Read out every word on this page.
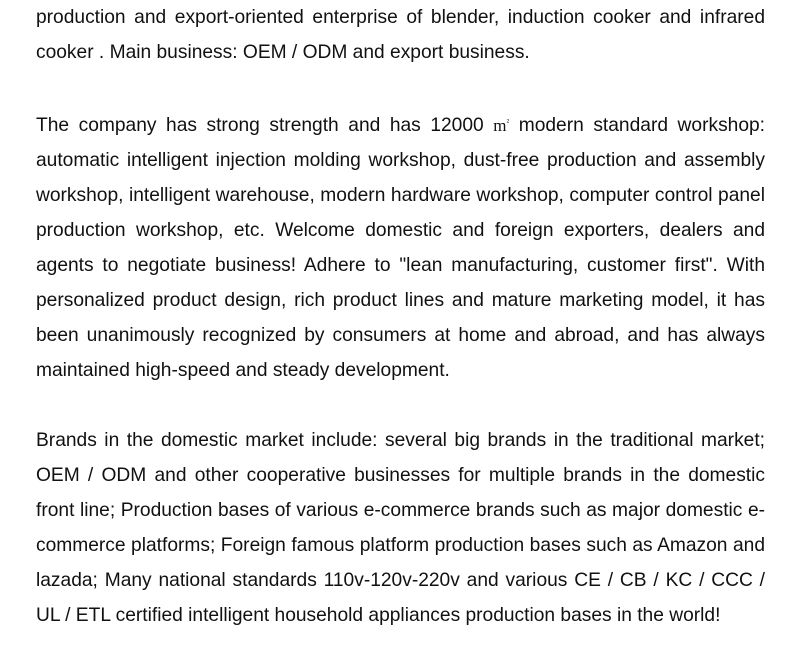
production and export-oriented enterprise of blender, induction cooker and infrared cooker . Main business: OEM / ODM and export business.

The company has strong strength and has 12000 $m^{^2}$ modern standard workshop: automatic intelligent injection molding workshop, dust-free production and assembly workshop, intelligent warehouse, modern hardware workshop, computer control panel production workshop, etc. Welcome domestic and foreign exporters, dealers and agents to negotiate business! Adhere to "lean manufacturing, customer first". With personalized product design, rich product lines and mature marketing model, it has been unanimously recognized by consumers at home and abroad, and has always maintained high-speed and steady development.

Brands in the domestic market include: several big brands in the traditional market; OEM / ODM and other cooperative businesses for multiple brands in the domestic front line; Production bases of various e-commerce brands such as major domestic e-commerce platforms; Foreign famous platform production bases such as Amazon and lazada; Many national standards 110v-120v-220v and various CE / CB / KC / CCC / UL / ETL certified intelligent household appliances production bases in the world!
